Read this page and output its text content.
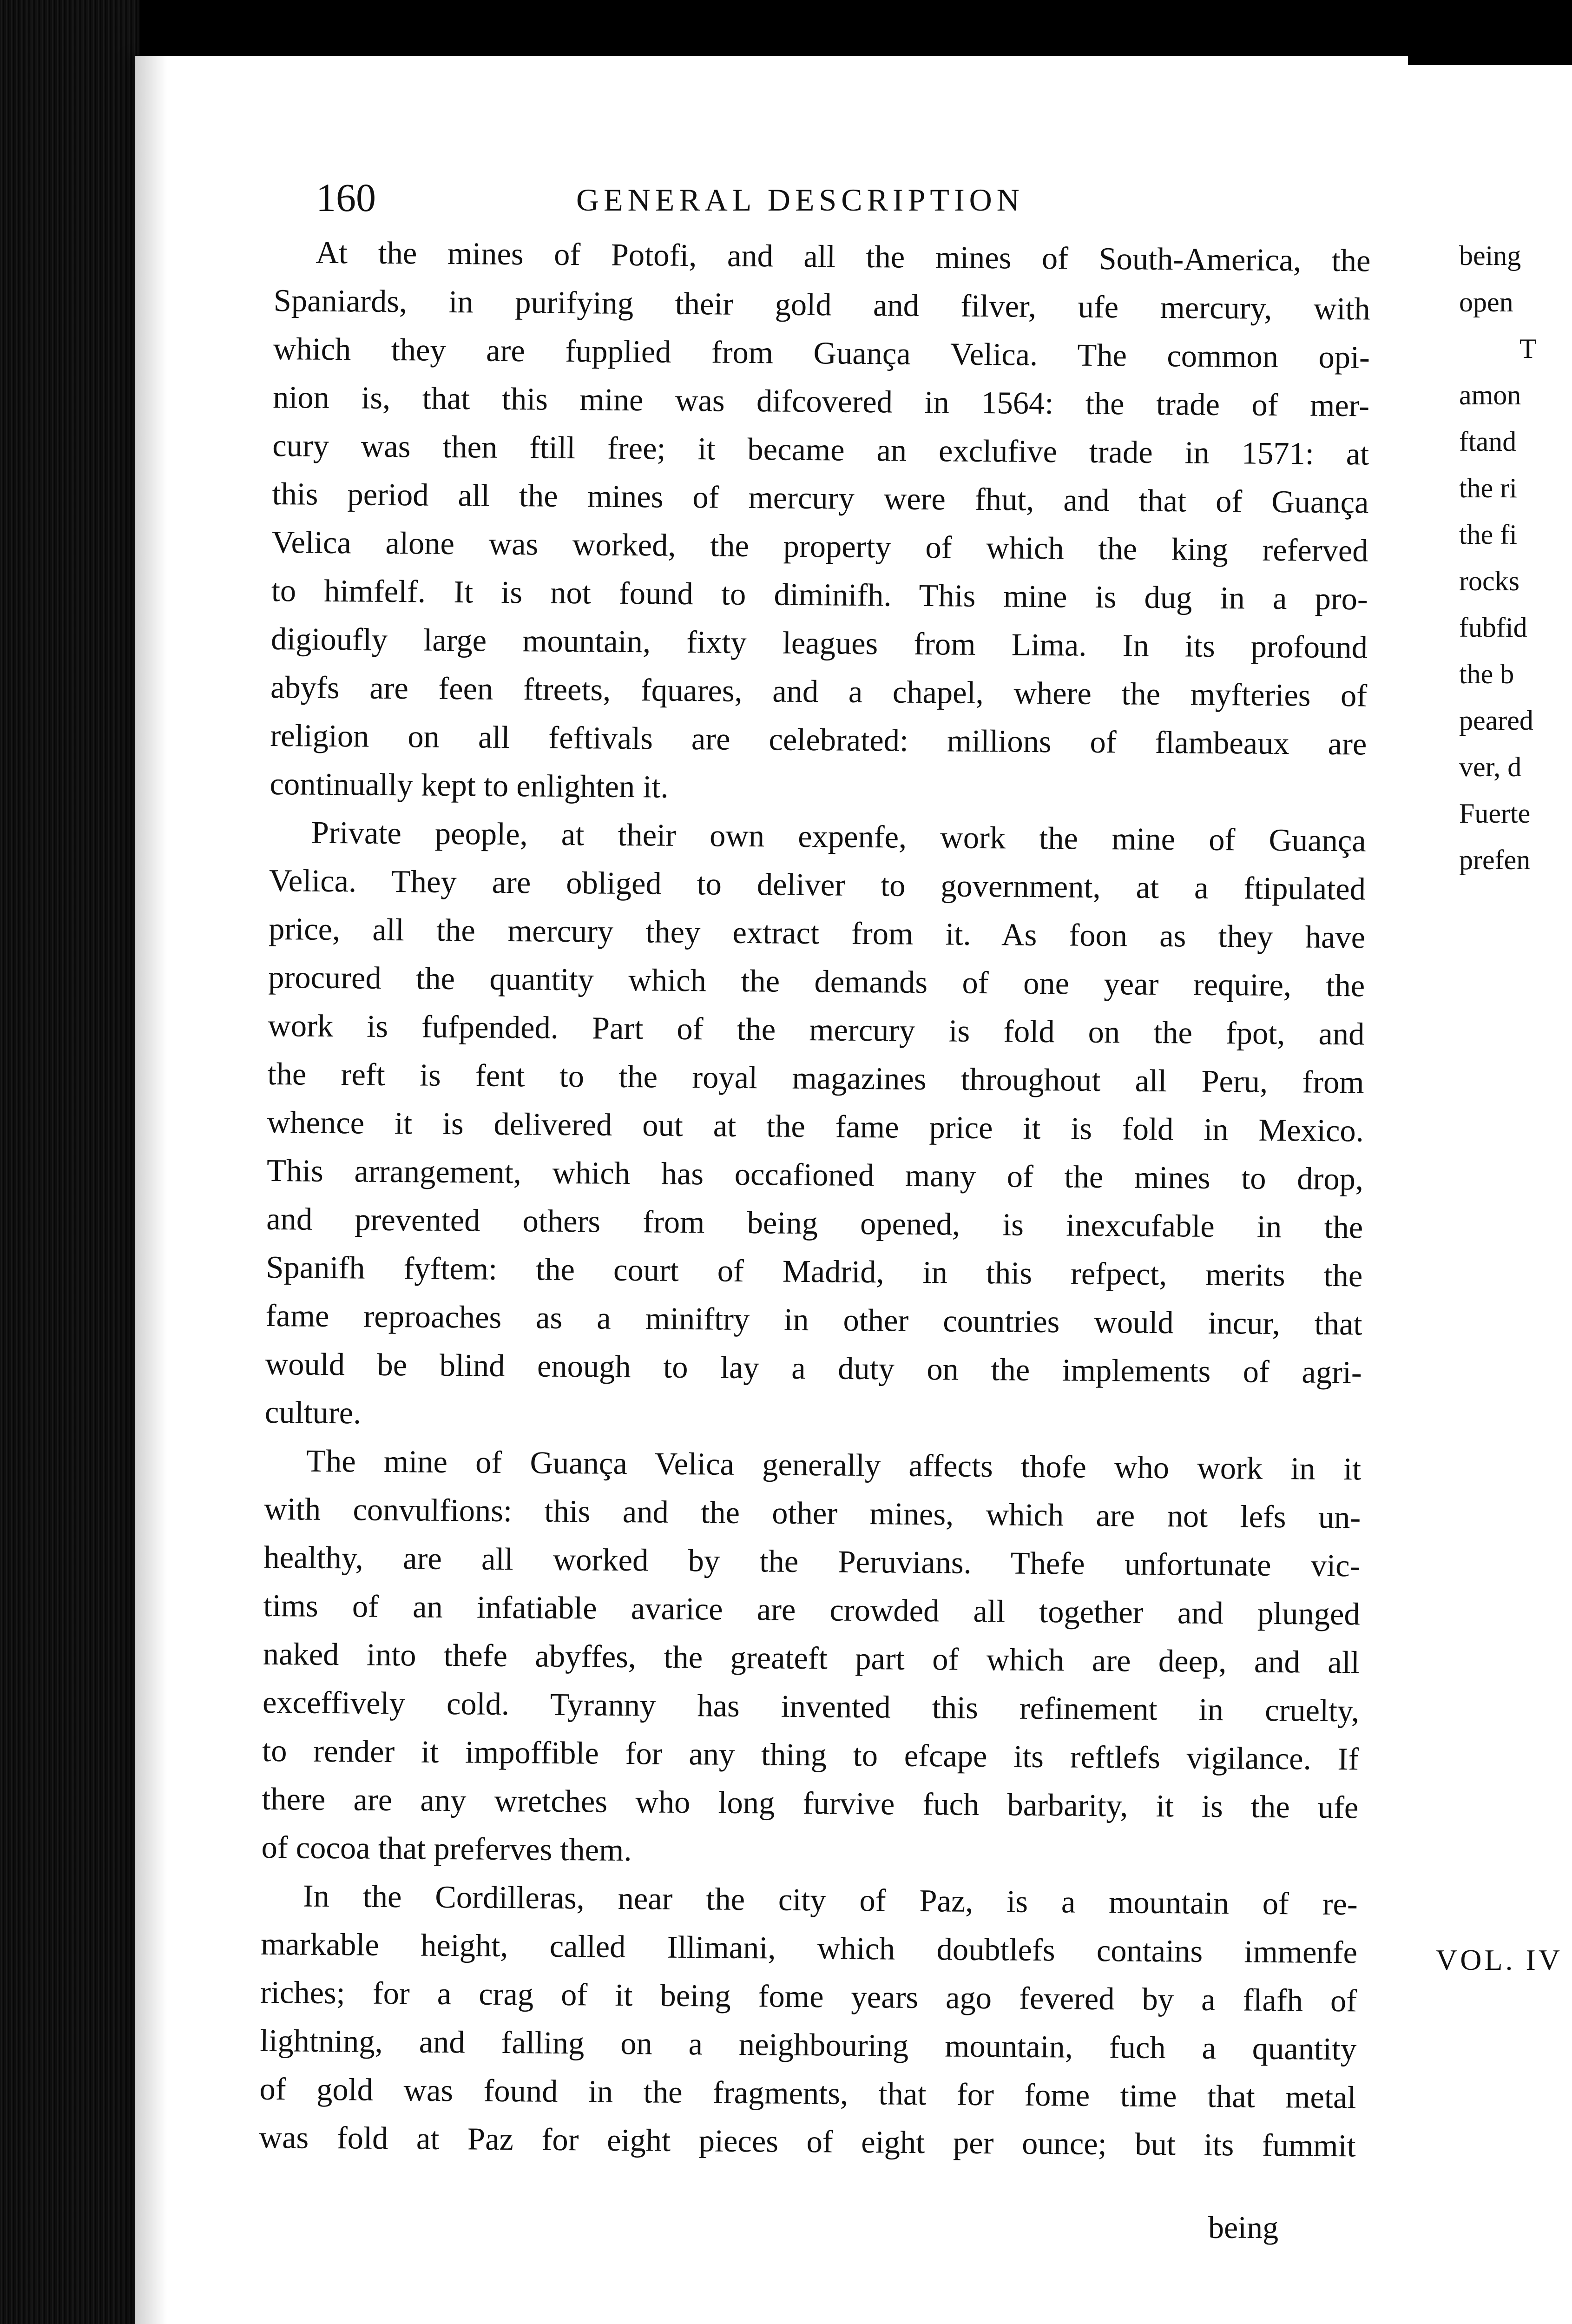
160	GENERAL DESCRIPTION
At the mines of Potofi, and all the mines of South-America, the
Spaniards, in purifying their gold and filver, ufe mercury, with
which they are fupplied from Guança Velica. The common opi-
nion is, that this mine was difcovered in 1564: the trade of mer-
cury was then ftill free; it became an exclufive trade in 1571: at
this period all the mines of mercury were fhut, and that of Guança
Velica alone was worked, the property of which the king referved
to himfelf. It is not found to diminifh. This mine is dug in a pro-
digioufly large mountain, fixty leagues from Lima. In its profound
abyfs are feen ftreets, fquares, and a chapel, where the myfteries of
religion on all feftivals are celebrated: millions of flambeaux are
continually kept to enlighten it.
Private people, at their own expenfe, work the mine of Guança
Velica. They are obliged to deliver to government, at a ftipulated
price, all the mercury they extract from it. As foon as they have
procured the quantity which the demands of one year require, the
work is fufpended. Part of the mercury is fold on the fpot, and
the reft is fent to the royal magazines throughout all Peru, from
whence it is delivered out at the fame price it is fold in Mexico.
This arrangement, which has occafioned many of the mines to drop,
and prevented others from being opened, is inexcufable in the
Spanifh fyftem: the court of Madrid, in this refpect, merits the
fame reproaches as a miniftry in other countries would incur, that
would be blind enough to lay a duty on the implements of agri-
culture.
The mine of Guança Velica generally affects thofe who work in it
with convulfions: this and the other mines, which are not lefs un-
healthy, are all worked by the Peruvians. Thefe unfortunate vic-
tims of an infatiable avarice are crowded all together and plunged
naked into thefe abyffes, the greateft part of which are deep, and all
exceffively cold. Tyranny has invented this refinement in cruelty,
to render it impoffible for any thing to efcape its reftlefs vigilance. If
there are any wretches who long furvive fuch barbarity, it is the ufe
of cocoa that preferves them.
In the Cordilleras, near the city of Paz, is a mountain of re-
markable height, called Illimani, which doubtlefs contains immenfe
riches; for a crag of it being fome years ago fevered by a flafh of
lightning, and falling on a neighbouring mountain, fuch a quantity
of gold was found in the fragments, that for fome time that metal
was fold at Paz for eight pieces of eight per ounce; but its fummit
being
being
open
T
amon
ftand
the ri
the fi
rocks
fubfid
the b
peared
ver, d
Fuerte
prefen
VOL. IV
